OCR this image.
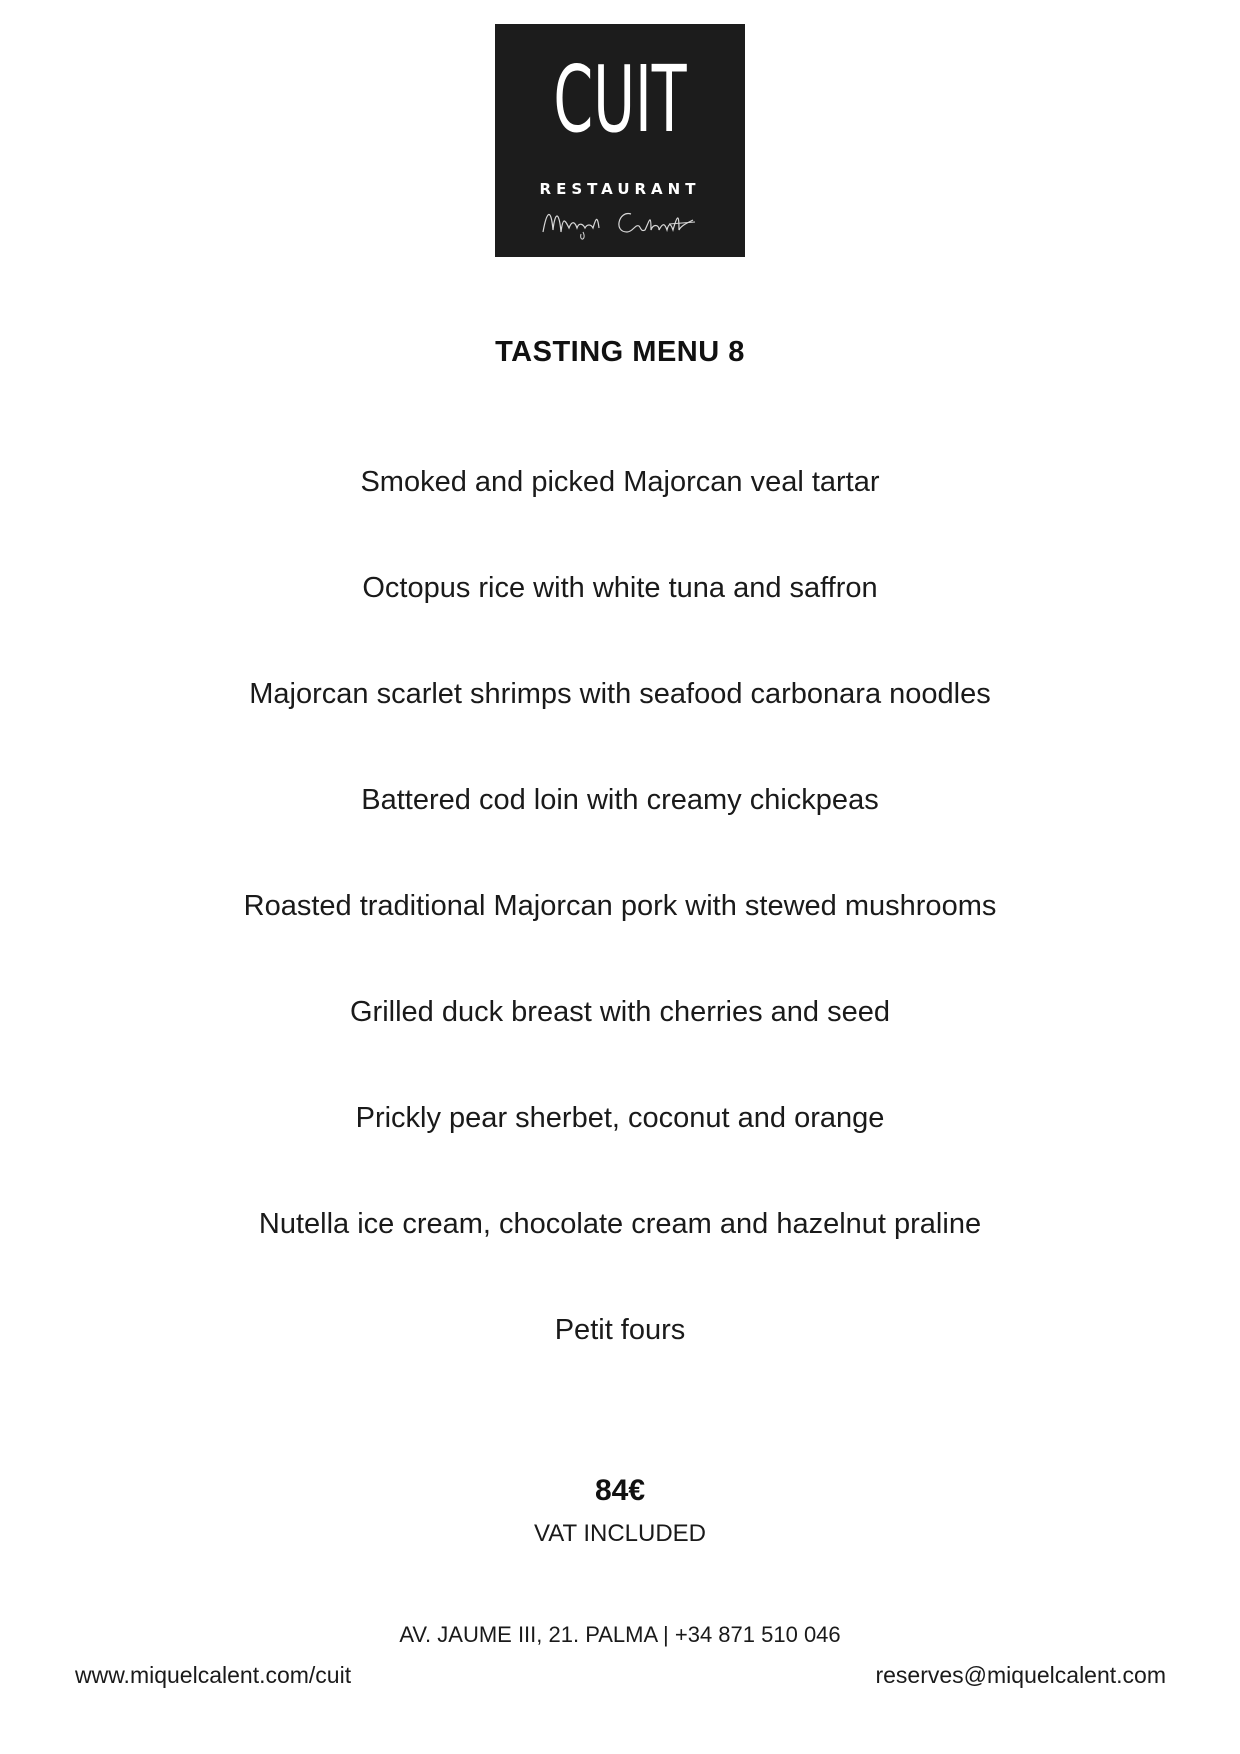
CUIT
RESTAURANT
TASTING MENU 8
Smoked and picked Majorcan veal tartar
Octopus rice with white tuna and saffron
Majorcan scarlet shrimps with seafood carbonara noodles
Battered cod loin with creamy chickpeas
Roasted traditional Majorcan pork with stewed mushrooms
Grilled duck breast with cherries and seed
Prickly pear sherbet, coconut and orange
Nutella ice cream, chocolate cream and hazelnut praline
Petit fours
84€
VAT INCLUDED
AV. JAUME III, 21. PALMA | +34 871 510 046
www.miquelcalent.com/cuit	reserves@miquelcalent.com
